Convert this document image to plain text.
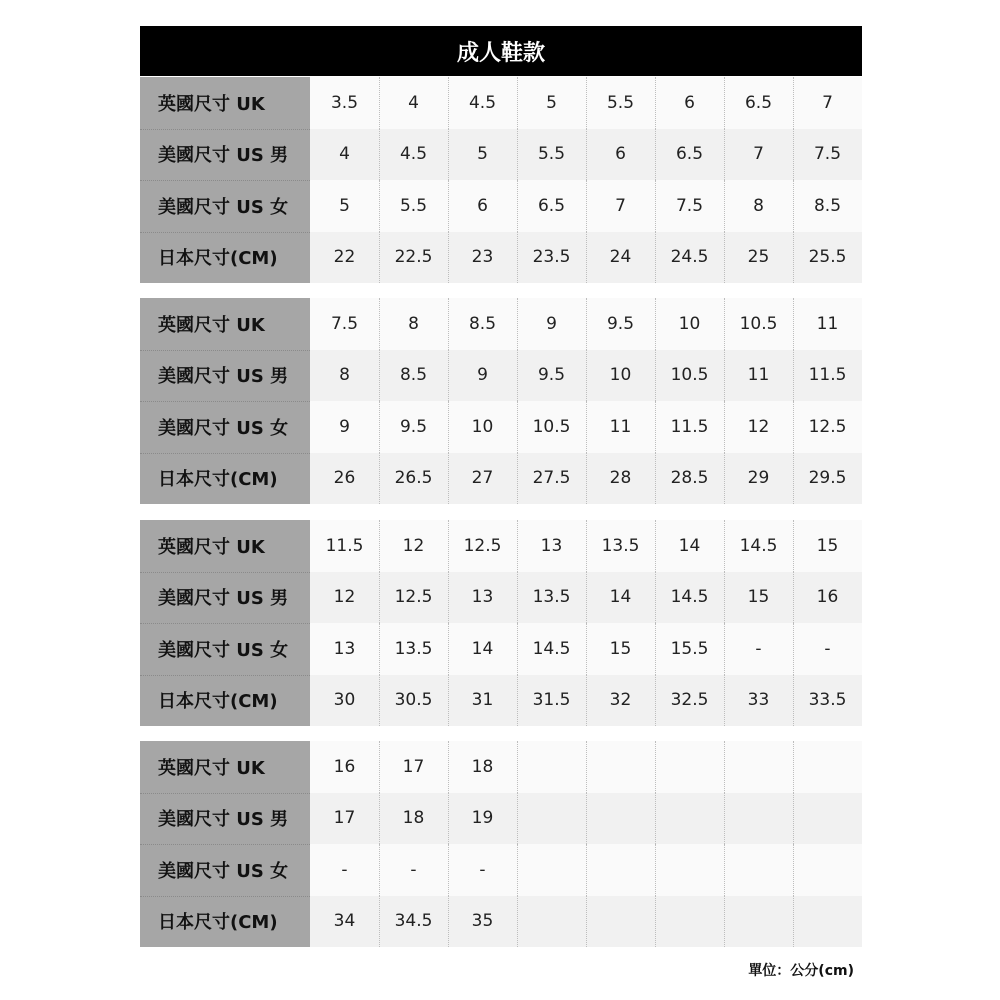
成人鞋款
英國尺寸 UK	3.5	4	4.5	5	5.5	6	6.5	7
美國尺寸 US 男	4	4.5	5	5.5	6	6.5	7	7.5
美國尺寸 US 女	5	5.5	6	6.5	7	7.5	8	8.5
日本尺寸(CM)	22	22.5	23	23.5	24	24.5	25	25.5
英國尺寸 UK	7.5	8	8.5	9	9.5	10	10.5	11
美國尺寸 US 男	8	8.5	9	9.5	10	10.5	11	11.5
美國尺寸 US 女	9	9.5	10	10.5	11	11.5	12	12.5
日本尺寸(CM)	26	26.5	27	27.5	28	28.5	29	29.5
英國尺寸 UK	11.5	12	12.5	13	13.5	14	14.5	15
美國尺寸 US 男	12	12.5	13	13.5	14	14.5	15	16
美國尺寸 US 女	13	13.5	14	14.5	15	15.5	-	-
日本尺寸(CM)	30	30.5	31	31.5	32	32.5	33	33.5
英國尺寸 UK	16	17	18
美國尺寸 US 男	17	18	19
美國尺寸 US 女	-	-	-
日本尺寸(CM)	34	34.5	35
單位：公分(cm)
